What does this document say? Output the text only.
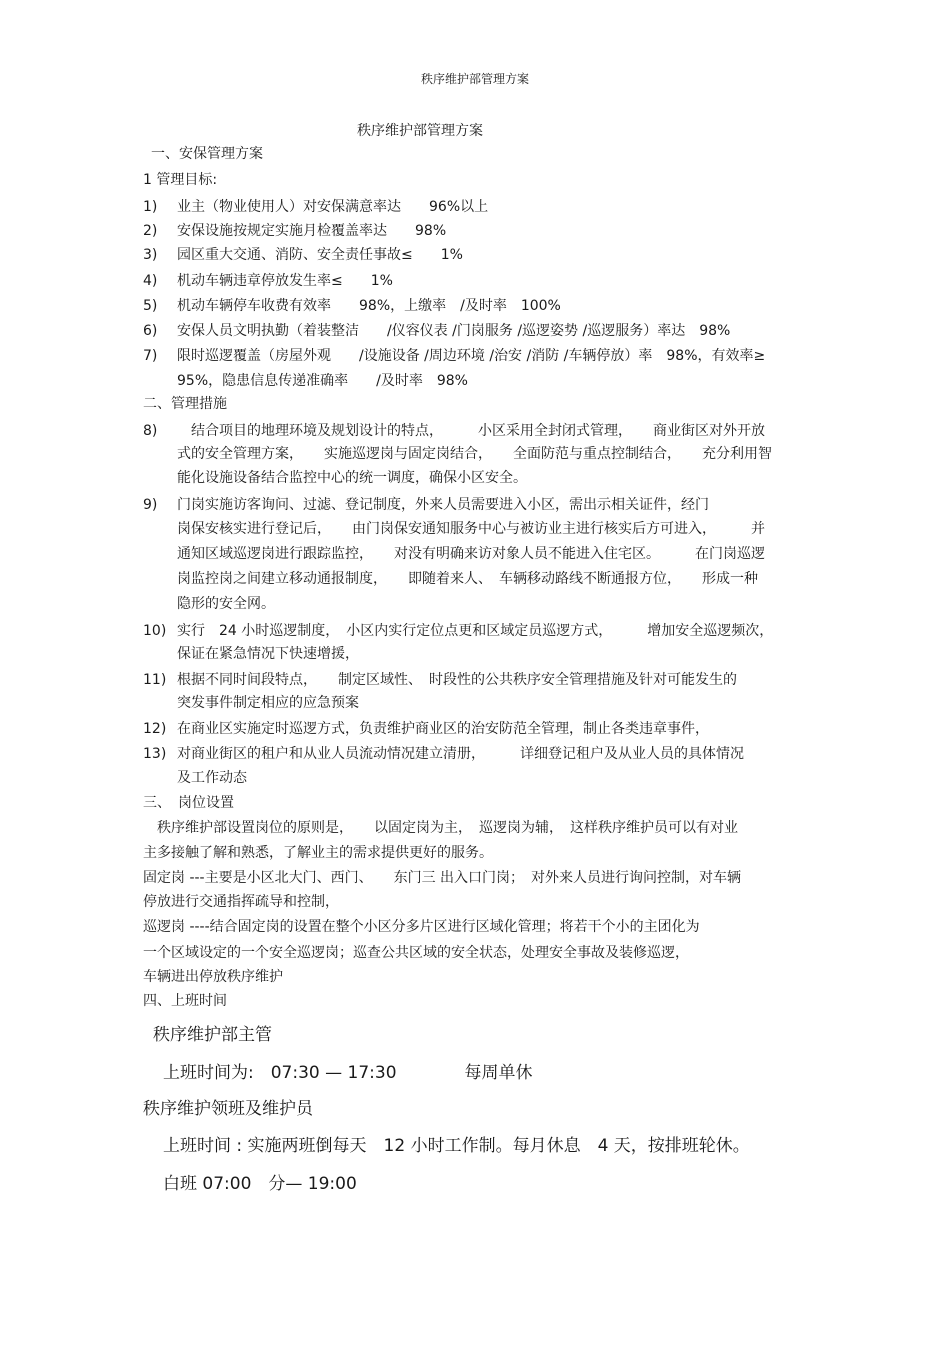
秩序维护部管理方案
秩序维护部管理方案
一、安保管理方案
1 管理目标:
1) 业主（物业使用人）对安保满意率达　　96%以上
2) 安保设施按规定实施月检覆盖率达　　98%
3) 园区重大交通、消防、安全责任事故≤　　1%
4) 机动车辆违章停放发生率≤　　1%
5) 机动车辆停车收费有效率　　98%，上缴率　/及时率　100%
6) 安保人员文明执勤（着装整洁　　/仪容仪表 /门岗服务 /巡逻姿势 /巡逻服务）率达　98%
7) 限时巡逻覆盖（房屋外观　　/设施设备 /周边环境 /治安 /消防 /车辆停放）率　98%，有效率≥
95%，隐患信息传递准确率　　/及时率　98%
二、管理措施
8) 　结合项目的地理环境及规划设计的特点，　　　小区采用全封闭式管理，　　商业街区对外开放
式的安全管理方案，　　实施巡逻岗与固定岗结合，　　全面防范与重点控制结合，　　充分利用智
能化设施设备结合监控中心的统一调度，确保小区安全。
9) 门岗实施访客询问、过滤、登记制度，外来人员需要进入小区，需出示相关证件，经门
岗保安核实进行登记后，　　由门岗保安通知服务中心与被访业主进行核实后方可进入，　　　并
通知区域巡逻岗进行跟踪监控，　　对没有明确来访对象人员不能进入住宅区。　　　在门岗巡逻
岗监控岗之间建立移动通报制度，　　即随着来人、　车辆移动路线不断通报方位，　　形成一种
隐形的安全网。
10) 实行　24 小时巡逻制度，　小区内实行定位点更和区域定员巡逻方式，　　　增加安全巡逻频次，
保证在紧急情况下快速增援，
11) 根据不同时间段特点，　　制定区域性、　时段性的公共秩序安全管理措施及针对可能发生的
突发事件制定相应的应急预案
12) 在商业区实施定时巡逻方式，负责维护商业区的治安防范全管理，制止各类违章事件，
13) 对商业街区的租户和从业人员流动情况建立清册，　　　详细登记租户及从业人员的具体情况
及工作动态
三、　岗位设置
　秩序维护部设置岗位的原则是，　　以固定岗为主，　巡逻岗为辅，　这样秩序维护员可以有对业
主多接触了解和熟悉，了解业主的需求提供更好的服务。
固定岗 ---主要是小区北大门、西门、　　东门三 出入口门岗；　对外来人员进行询问控制，对车辆
停放进行交通指挥疏导和控制，
巡逻岗 ----结合固定岗的设置在整个小区分多片区进行区域化管理；将若干个小的主团化为
一个区域设定的一个安全巡逻岗；巡查公共区域的安全状态，处理安全事故及装修巡逻，
车辆进出停放秩序维护
四、上班时间
秩序维护部主管
上班时间为:　07:30 — 17:30　　　　每周单休
秩序维护领班及维护员
上班时间 : 实施两班倒每天　12 小时工作制。每月休息　4 天，按排班轮休。
白班 07:00　分— 19:00
